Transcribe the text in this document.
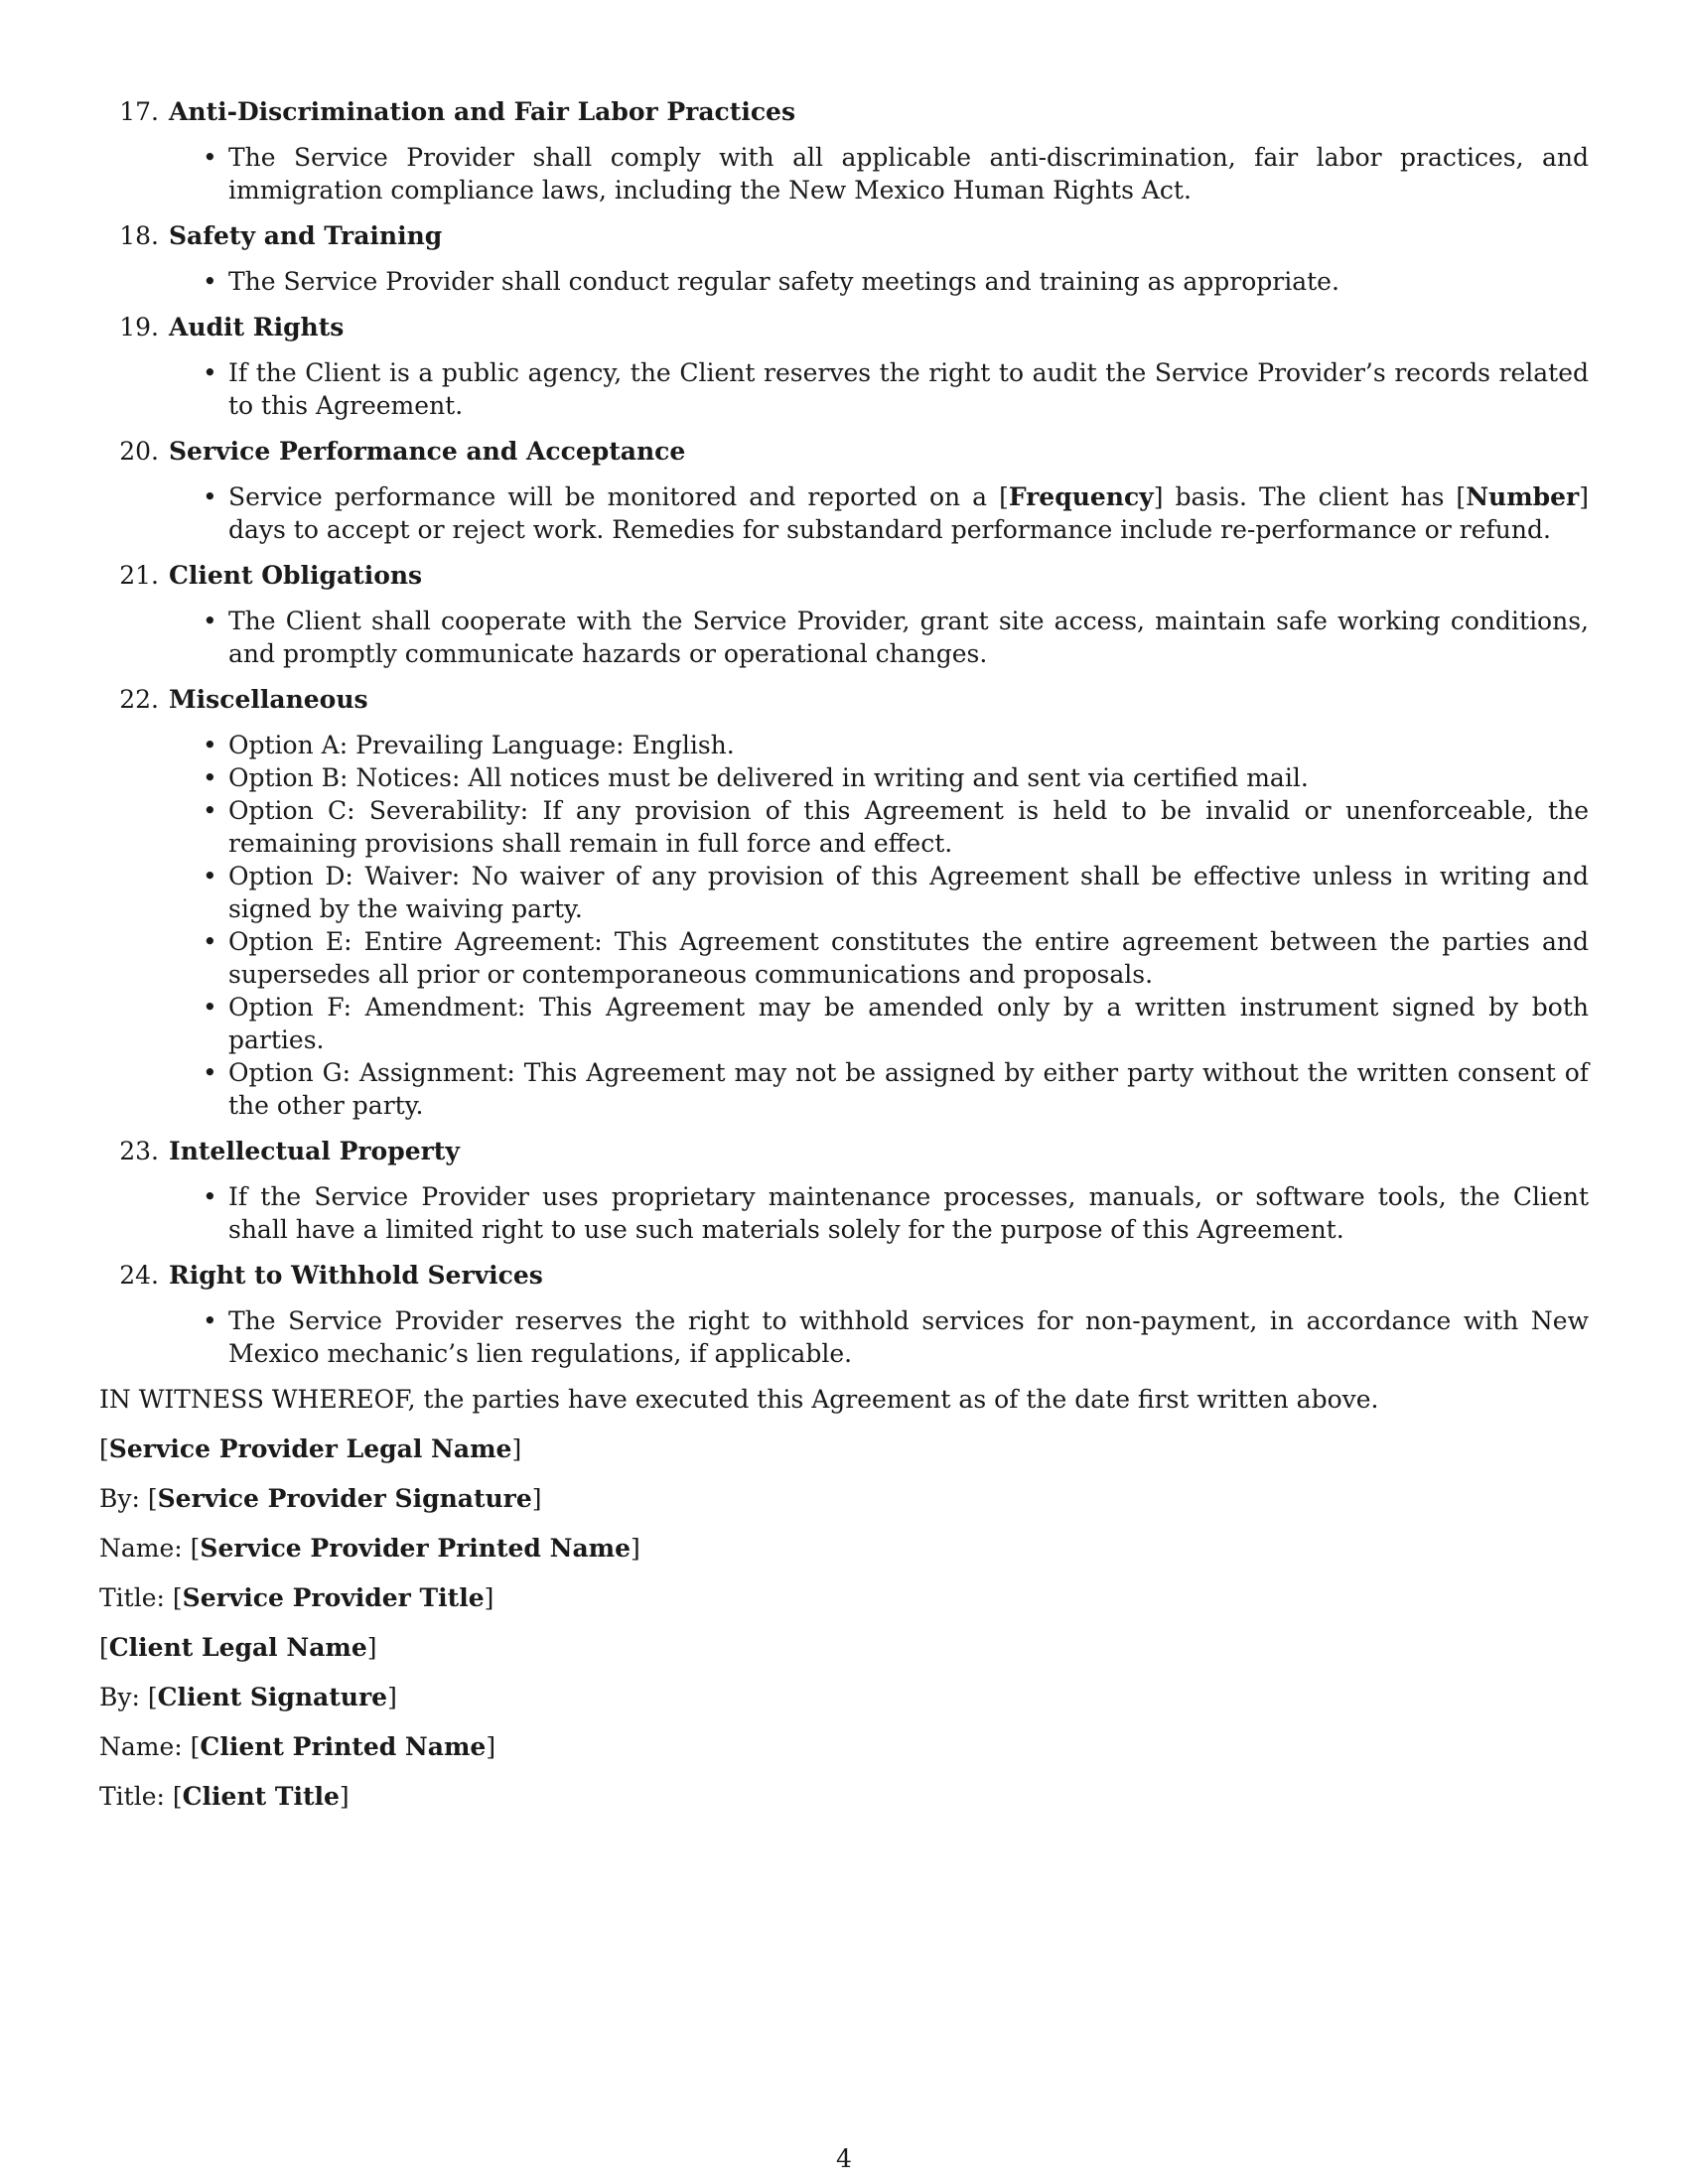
17. Anti-Discrimination and Fair Labor Practices
• The Service Provider shall comply with all applicable anti-discrimination, fair labor practices, and immigration compliance laws, including the New Mexico Human Rights Act.
18. Safety and Training
• The Service Provider shall conduct regular safety meetings and training as appropriate.
19. Audit Rights
• If the Client is a public agency, the Client reserves the right to audit the Service Provider’s records related to this Agreement.
20. Service Performance and Acceptance
• Service performance will be monitored and reported on a [Frequency] basis. The client has [Number] days to accept or reject work. Remedies for substandard performance include re-performance or refund.
21. Client Obligations
• The Client shall cooperate with the Service Provider, grant site access, maintain safe working conditions, and promptly communicate hazards or operational changes.
22. Miscellaneous
• Option A: Prevailing Language: English.
• Option B: Notices: All notices must be delivered in writing and sent via certified mail.
• Option C: Severability: If any provision of this Agreement is held to be invalid or unenforceable, the remaining provisions shall remain in full force and effect.
• Option D: Waiver: No waiver of any provision of this Agreement shall be effective unless in writing and signed by the waiving party.
• Option E: Entire Agreement: This Agreement constitutes the entire agreement between the parties and supersedes all prior or contemporaneous communications and proposals.
• Option F: Amendment: This Agreement may be amended only by a written instrument signed by both parties.
• Option G: Assignment: This Agreement may not be assigned by either party without the written consent of the other party.
23. Intellectual Property
• If the Service Provider uses proprietary maintenance processes, manuals, or software tools, the Client shall have a limited right to use such materials solely for the purpose of this Agreement.
24. Right to Withhold Services
• The Service Provider reserves the right to withhold services for non-payment, in accordance with New Mexico mechanic’s lien regulations, if applicable.

IN WITNESS WHEREOF, the parties have executed this Agreement as of the date first written above.

[Service Provider Legal Name]

By: [Service Provider Signature]

Name: [Service Provider Printed Name]

Title: [Service Provider Title]

[Client Legal Name]

By: [Client Signature]

Name: [Client Printed Name]

Title: [Client Title]

4
